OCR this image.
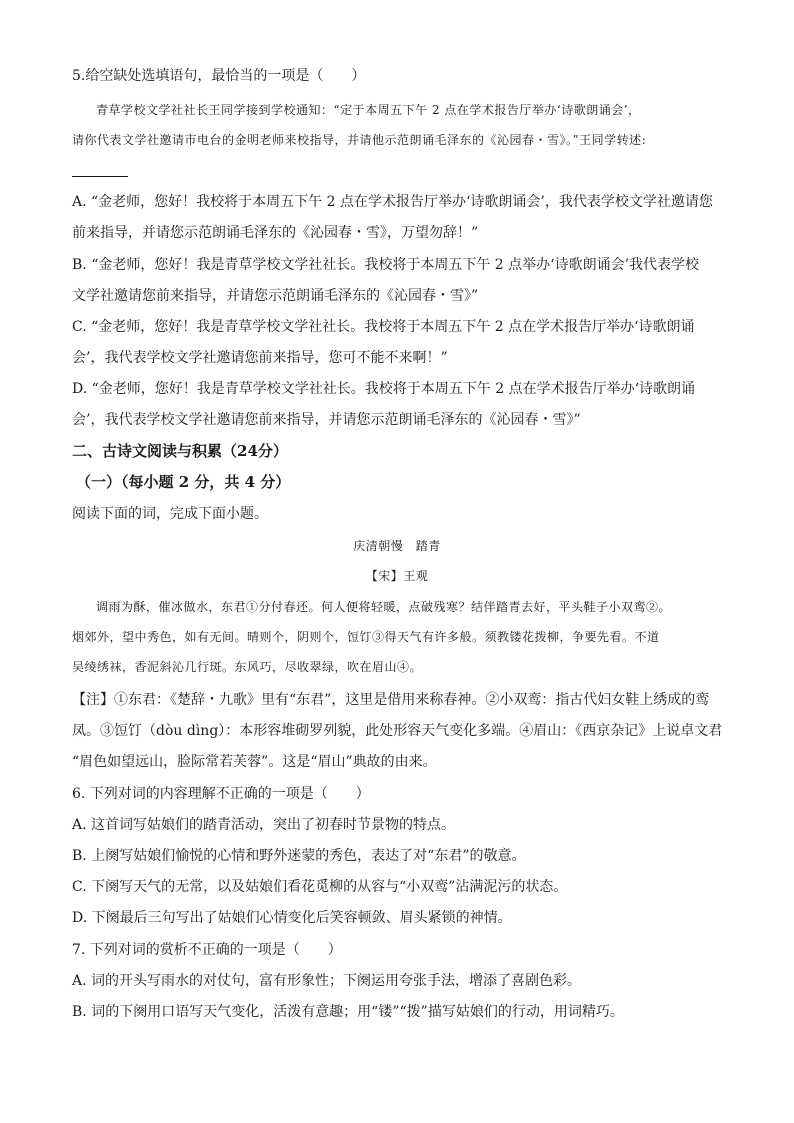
5.给空缺处选填语句，最恰当的一项是（　　）
青草学校文学社社长王同学接到学校通知：“定于本周五下午 2 点在学术报告厅举办‘诗歌朗诵会’，
请你代表文学社邀请市电台的金明老师来校指导，并请他示范朗诵毛泽东的《沁园春・雪》。”王同学转述:
A. “金老师，您好！我校将于本周五下午 2 点在学术报告厅举办‘诗歌朗诵会’，我代表学校文学社邀请您
前来指导，并请您示范朗诵毛泽东的《沁园春・雪》，万望勿辞！”
B. “金老师，您好！我是青草学校文学社社长。我校将于本周五下午 2 点举办‘诗歌朗诵会’我代表学校
文学社邀请您前来指导，并请您示范朗诵毛泽东的《沁园春・雪》”
C. “金老师，您好！我是青草学校文学社社长。我校将于本周五下午 2 点在学术报告厅举办‘诗歌朗诵
会’，我代表学校文学社邀请您前来指导，您可不能不来啊！”
D. “金老师，您好！我是青草学校文学社社长。我校将于本周五下午 2 点在学术报告厅举办‘诗歌朗诵
会’，我代表学校文学社邀请您前来指导，并请您示范朗诵毛泽东的《沁园春・雪》”
二、古诗文阅读与积累（24分）
（一）（每小题 2 分，共 4 分）
阅读下面的词，完成下面小题。
庆清朝慢　踏青
【宋】王观
调雨为酥，催冰做水，东君①分付春还。何人便将轻暖，点破残寒？结伴踏青去好，平头鞋子小双鸾②。
烟郊外，望中秀色，如有无间。晴则个，阴则个，饾饤③得天气有许多般。须教镂花拨柳，争要先看。不道
吴绫绣袜，香泥斜沁几行斑。东风巧，尽收翠绿，吹在眉山④。
【注】①东君：《楚辞・九歌》里有“东君”，这里是借用来称春神。②小双鸾：指古代妇女鞋上绣成的鸾
凤。③饾饤（dòu dìng）：本形容堆砌罗列貌，此处形容天气变化多端。④眉山：《西京杂记》上说卓文君
“眉色如望远山，脸际常若芙蓉”。这是“眉山”典故的由来。
6. 下列对词的内容理解不正确的一项是（　　）
A. 这首词写姑娘们的踏青活动，突出了初春时节景物的特点。
B. 上阕写姑娘们愉悦的心情和野外迷蒙的秀色，表达了对“东君”的敬意。
C. 下阕写天气的无常，以及姑娘们看花觅柳的从容与“小双鸾”沾满泥污的状态。
D. 下阕最后三句写出了姑娘们心情变化后笑容顿敛、眉头紧锁的神情。
7. 下列对词的赏析不正确的一项是（　　）
A. 词的开头写雨水的对仗句，富有形象性；下阕运用夸张手法，增添了喜剧色彩。
B. 词的下阕用口语写天气变化，活泼有意趣；用“镂”“拨”描写姑娘们的行动，用词精巧。
